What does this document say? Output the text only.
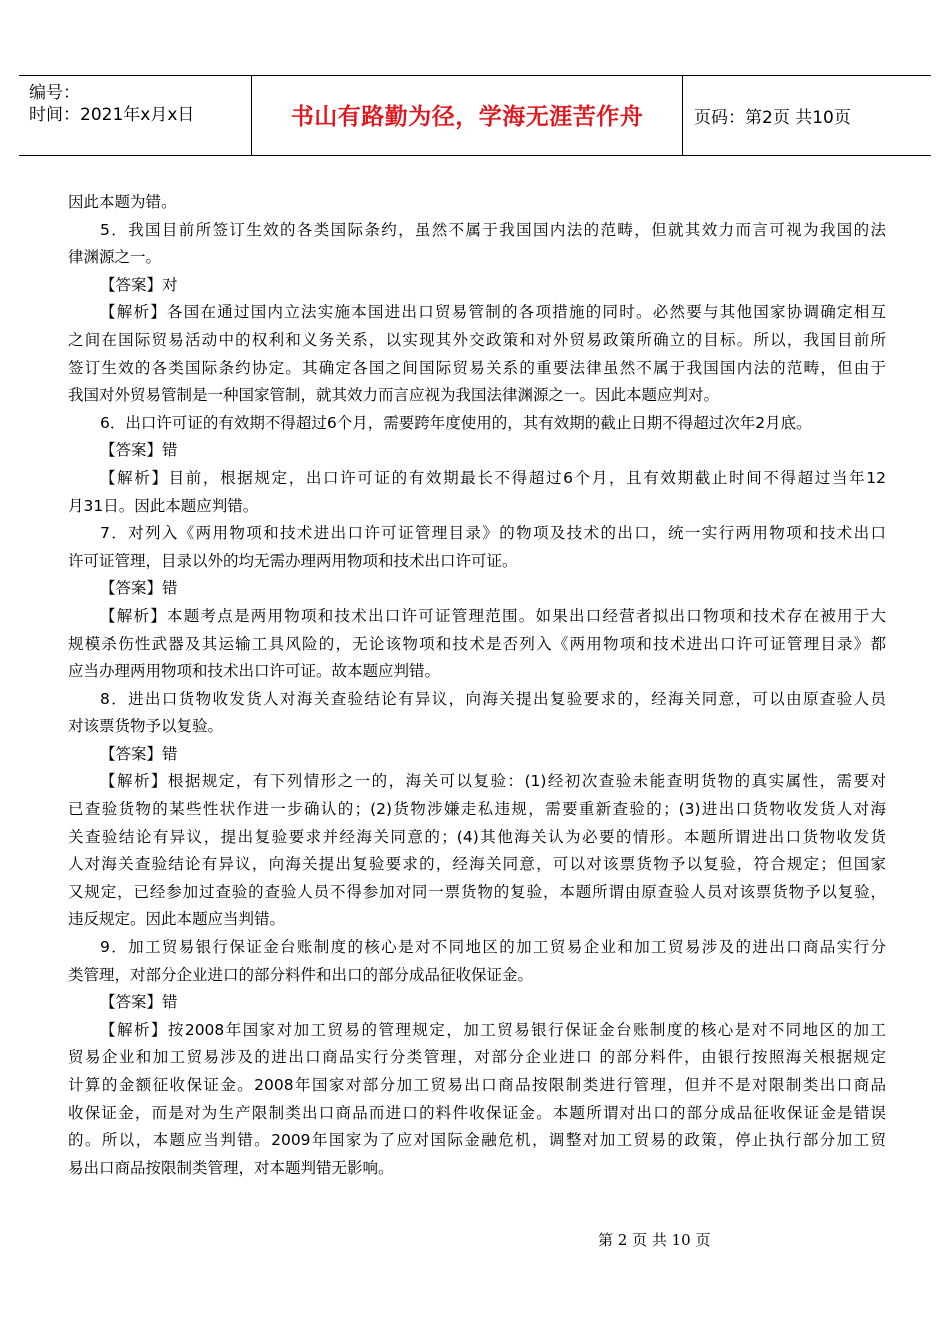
编号：
时间：2021年x月x日	书山有路勤为径，学海无涯苦作舟	页码：第2页 共10页
因此本题为错。
5．我国目前所签订生效的各类国际条约，虽然不属于我国国内法的范畴，但就其效力而言可视为我国的法
律渊源之一。
【答案】对
【解析】各国在通过国内立法实施本国进出口贸易管制的各项措施的同时。必然要与其他国家协调确定相互
之间在国际贸易活动中的权利和义务关系，以实现其外交政策和对外贸易政策所确立的目标。所以，我国目前所
签订生效的各类国际条约协定。其确定各国之间国际贸易关系的重要法律虽然不属于我国国内法的范畴，但由于
我国对外贸易管制是一种国家管制，就其效力而言应视为我国法律渊源之一。因此本题应判对。
6．出口许可证的有效期不得超过6个月，需要跨年度使用的，其有效期的截止日期不得超过次年2月底。
【答案】错
【解析】目前，根据规定，出口许可证的有效期最长不得超过6个月，且有效期截止时间不得超过当年12
月31日。因此本题应判错。
7．对列入《两用物项和技术进出口许可证管理目录》的物项及技术的出口，统一实行两用物项和技术出口
许可证管理，目录以外的均无需办理两用物项和技术出口许可证。
【答案】错
【解析】本题考点是两用物项和技术出口许可证管理范围。如果出口经营者拟出口物项和技术存在被用于大
规模杀伤性武器及其运输工具风险的，无论该物项和技术是否列入《两用物项和技术进出口许可证管理目录》都
应当办理两用物项和技术出口许可证。故本题应判错。
8．进出口货物收发货人对海关查验结论有异议，向海关提出复验要求的，经海关同意，可以由原查验人员
对该票货物予以复验。
【答案】错
【解析】根据规定，有下列情形之一的，海关可以复验：(1)经初次查验未能查明货物的真实属性，需要对
已查验货物的某些性状作进一步确认的；(2)货物涉嫌走私违规，需要重新查验的；(3)进出口货物收发货人对海
关查验结论有异议，提出复验要求并经海关同意的；(4)其他海关认为必要的情形。本题所谓进出口货物收发货
人对海关查验结论有异议，向海关提出复验要求的，经海关同意，可以对该票货物予以复验，符合规定；但国家
又规定，已经参加过查验的查验人员不得参加对同一票货物的复验，本题所谓由原查验人员对该票货物予以复验，
违反规定。因此本题应当判错。
9．加工贸易银行保证金台账制度的核心是对不同地区的加工贸易企业和加工贸易涉及的进出口商品实行分
类管理，对部分企业进口的部分料件和出口的部分成品征收保证金。
【答案】错
【解析】按2008年国家对加工贸易的管理规定，加工贸易银行保证金台账制度的核心是对不同地区的加工
贸易企业和加工贸易涉及的进出口商品实行分类管理，对部分企业进口 的部分料件，由银行按照海关根据规定
计算的金额征收保证金。2008年国家对部分加工贸易出口商品按限制类进行管理，但并不是对限制类出口商品
收保证金，而是对为生产限制类出口商品而进口的料件收保证金。本题所谓对出口的部分成品征收保证金是错误
的。所以，本题应当判错。2009年国家为了应对国际金融危机，调整对加工贸易的政策，停止执行部分加工贸
易出口商品按限制类管理，对本题判错无影响。
第 2 页 共 10 页
